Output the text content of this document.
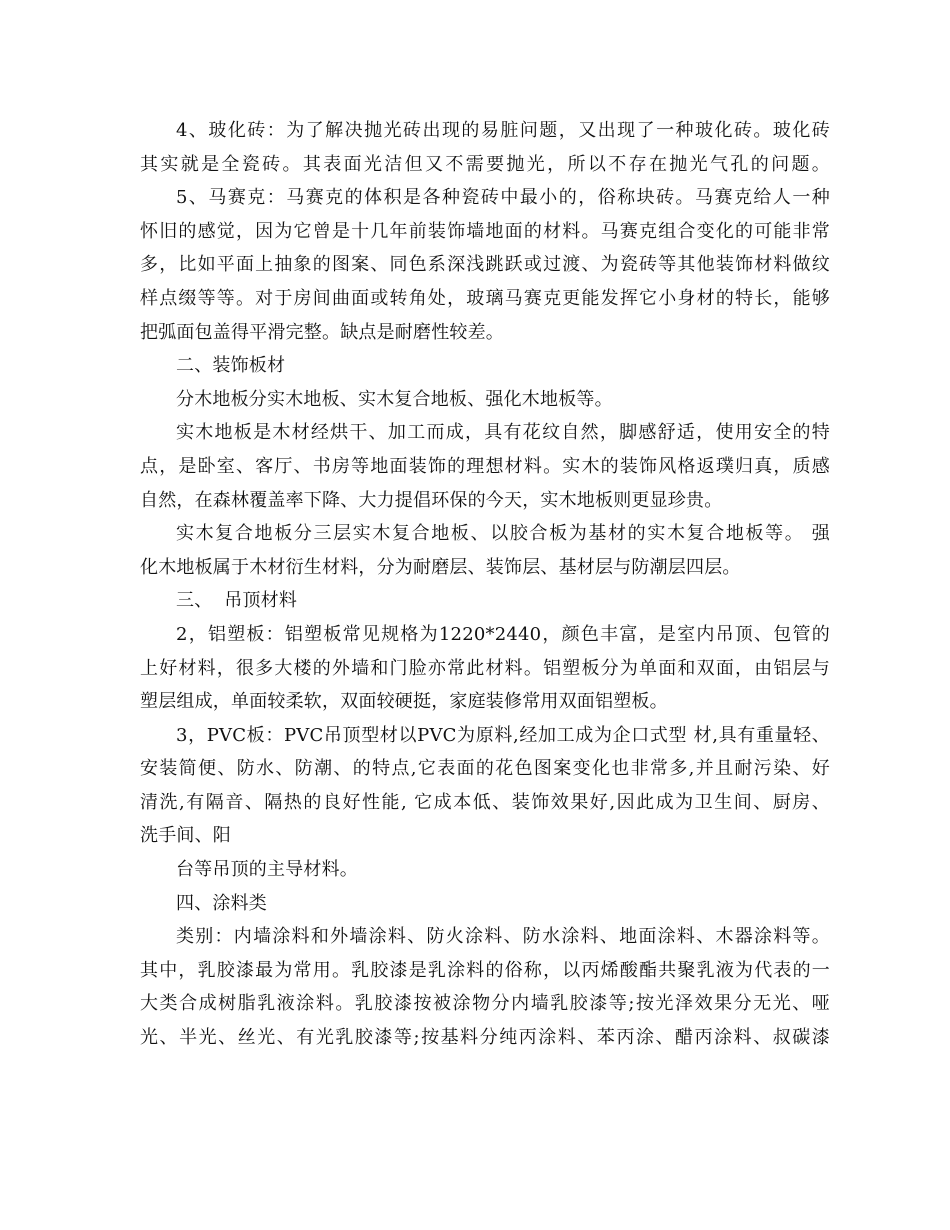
4、玻化砖：为了解决抛光砖出现的易脏问题，又出现了一种玻化砖。玻化砖
其实就是全瓷砖。其表面光洁但又不需要抛光，所以不存在抛光气孔的问题。
5、马赛克：马赛克的体积是各种瓷砖中最小的，俗称块砖。马赛克给人一种
怀旧的感觉，因为它曾是十几年前装饰墙地面的材料。马赛克组合变化的可能非常
多，比如平面上抽象的图案、同色系深浅跳跃或过渡、为瓷砖等其他装饰材料做纹
样点缀等等。对于房间曲面或转角处，玻璃马赛克更能发挥它小身材的特长，能够
把弧面包盖得平滑完整。缺点是耐磨性较差。
二、装饰板材
分木地板分实木地板、实木复合地板、强化木地板等。
实木地板是木材经烘干、加工而成，具有花纹自然，脚感舒适，使用安全的特
点，是卧室、客厅、书房等地面装饰的理想材料。实木的装饰风格返璞归真，质感
自然，在森林覆盖率下降、大力提倡环保的今天，实木地板则更显珍贵。
实木复合地板分三层实木复合地板、以胶合板为基材的实木复合地板等。 强
化木地板属于木材衍生材料，分为耐磨层、装饰层、基材层与防潮层四层。
三、  吊顶材料
2，铝塑板：铝塑板常见规格为1220*2440，颜色丰富，是室内吊顶、包管的
上好材料，很多大楼的外墙和门脸亦常此材料。铝塑板分为单面和双面，由铝层与
塑层组成，单面较柔软，双面较硬挺，家庭装修常用双面铝塑板。
3，PVC板：PVC吊顶型材以PVC为原料,经加工成为企口式型 材,具有重量轻、
安装简便、防水、防潮、的特点,它表面的花色图案变化也非常多,并且耐污染、好
清洗,有隔音、隔热的良好性能, 它成本低、装饰效果好,因此成为卫生间、厨房、
洗手间、阳
台等吊顶的主导材料。
四、涂料类
类别：内墙涂料和外墙涂料、防火涂料、防水涂料、地面涂料、木器涂料等。
其中，乳胶漆最为常用。乳胶漆是乳涂料的俗称，以丙烯酸酯共聚乳液为代表的一
大类合成树脂乳液涂料。乳胶漆按被涂物分内墙乳胶漆等;按光泽效果分无光、哑
光、半光、丝光、有光乳胶漆等;按基料分纯丙涂料、苯丙涂、醋丙涂料、叔碳漆
